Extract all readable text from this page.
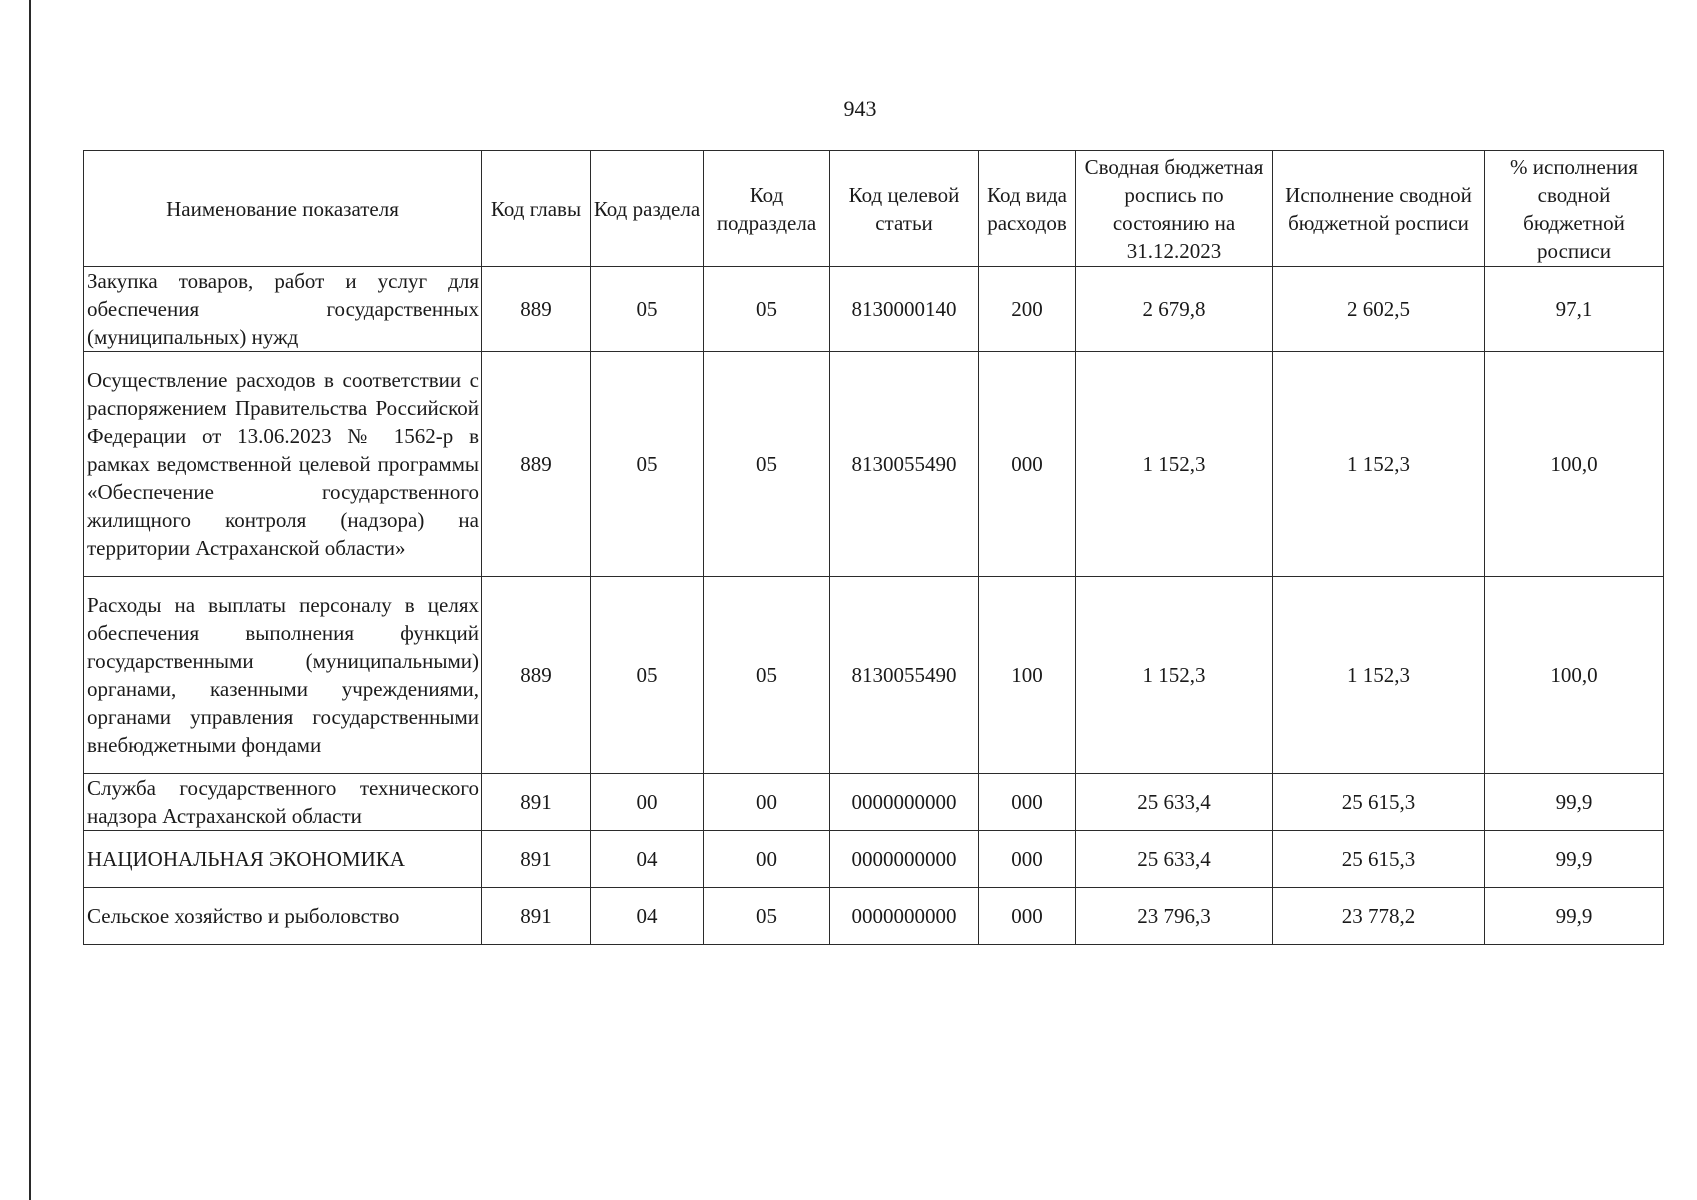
943
Наименование показателя	Код главы	Код раздела	Код подраздела	Код целевой статьи	Код вида расходов	Сводная бюджетная роспись по состоянию на 31.12.2023	Исполнение сводной бюджетной росписи	% исполнения сводной бюджетной росписи
Закупка товаров, работ и услуг для обеспечения государственных (муниципальных) нужд	889	05	05	8130000140	200	2 679,8	2 602,5	97,1
Осуществление расходов в соответствии с распоряжением Правительства Российской Федерации от 13.06.2023 № 1562-р в рамках ведомственной целевой программы «Обеспечение государственного жилищного контроля (надзора) на территории Астраханской области»	889	05	05	8130055490	000	1 152,3	1 152,3	100,0
Расходы на выплаты персоналу в целях обеспечения выполнения функций государственными (муниципальными) органами, казенными учреждениями, органами управления государственными внебюджетными фондами	889	05	05	8130055490	100	1 152,3	1 152,3	100,0
Служба государственного технического надзора Астраханской области	891	00	00	0000000000	000	25 633,4	25 615,3	99,9
НАЦИОНАЛЬНАЯ ЭКОНОМИКА	891	04	00	0000000000	000	25 633,4	25 615,3	99,9
Сельское хозяйство и рыболовство	891	04	05	0000000000	000	23 796,3	23 778,2	99,9
